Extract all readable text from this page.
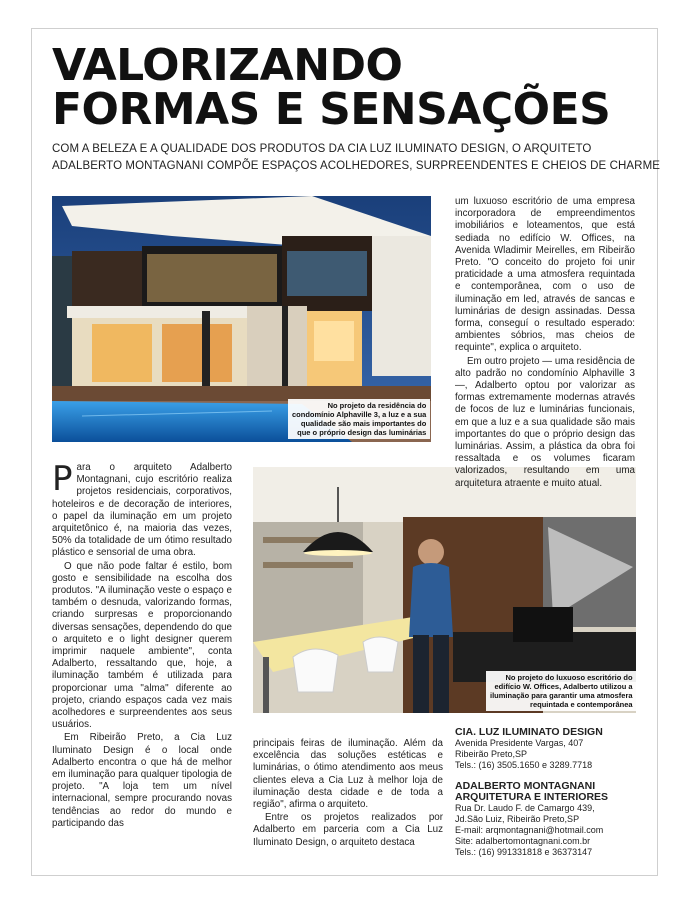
VALORIZANDO
FORMAS E SENSAÇÕES
COM A BELEZA E A QUALIDADE DOS PRODUTOS DA CIA LUZ ILUMINATO DESIGN, O ARQUITETO
ADALBERTO MONTAGNANI COMPÕE ESPAÇOS ACOLHEDORES, SURPREENDENTES E CHEIOS DE CHARME
No projeto da residência do
condomínio Alphaville 3, a luz e a sua
qualidade são mais importantes do
que o próprio design das luminárias
No projeto do luxuoso escritório do
edifício W. Offices, Adalberto utilizou a
iluminação para garantir uma atmosfera
requintada e contemporânea

Para o arquiteto Adalberto Montagnani, cujo escritório realiza projetos residenciais, corporativos, hoteleiros e de decoração de interiores, o papel da iluminação em um projeto arquitetônico é, na maioria das vezes, 50% da totalidade de um ótimo resultado plástico e sensorial de uma obra.

O que não pode faltar é estilo, bom gosto e sensibilidade na escolha dos produtos. "A iluminação veste o espaço e também o desnuda, valorizando formas, criando surpresas e proporcionando diversas sensações, dependendo do que o arquiteto e o light designer querem imprimir naquele ambiente", conta Adalberto, ressaltando que, hoje, a iluminação também é utilizada para proporcionar uma "alma" diferente ao projeto, criando espaços cada vez mais acolhedores e surpreendentes aos seus usuários.

Em Ribeirão Preto, a Cia Luz Iluminato Design é o local onde Adalberto encontra o que há de melhor em iluminação para qualquer tipologia de projeto. "A loja tem um nível internacional, sempre procurando novas tendências ao redor do mundo e participando das

principais feiras de iluminação. Além da excelência das soluções estéticas e luminárias, o ótimo atendimento aos meus clientes eleva a Cia Luz à melhor loja de iluminação desta cidade e de toda a região", afirma o arquiteto.

Entre os projetos realizados por Adalberto em parceria com a Cia Luz Iluminato Design, o arquiteto destaca

um luxuoso escritório de uma empresa incorporadora de empreendimentos imobiliários e loteamentos, que está sediada no edifício W. Offices, na Avenida Wladimir Meirelles, em Ribeirão Preto. "O conceito do projeto foi unir praticidade a uma atmosfera requintada e contemporânea, com o uso de iluminação em led, através de sancas e luminárias de design assinadas. Dessa forma, conseguí o resultado esperado: ambientes sóbrios, mas cheios de requinte", explica o arquiteto.

Em outro projeto — uma residência de alto padrão no condomínio Alphaville 3 —, Adalberto optou por valorizar as formas extremamente modernas através de focos de luz e luminárias funcionais, em que a luz e a sua qualidade são mais importantes do que o próprio design das luminárias. Assim, a plástica da obra foi ressaltada e os volumes ficaram valorizados, resultando em uma arquitetura atraente e muito atual.

CIA. LUZ ILUMINATO DESIGN
Avenida Presidente Vargas, 407
Ribeirão Preto,SP
Tels.: (16) 3505.1650 e 3289.7718
ADALBERTO MONTAGNANI
ARQUITETURA E INTERIORES
Rua Dr. Laudo F. de Camargo 439,
Jd.São Luiz, Ribeirão Preto,SP
E-mail: arqmontagnani@hotmail.com
Site: adalbertomontagnani.com.br
Tels.: (16) 991331818 e 36373147
